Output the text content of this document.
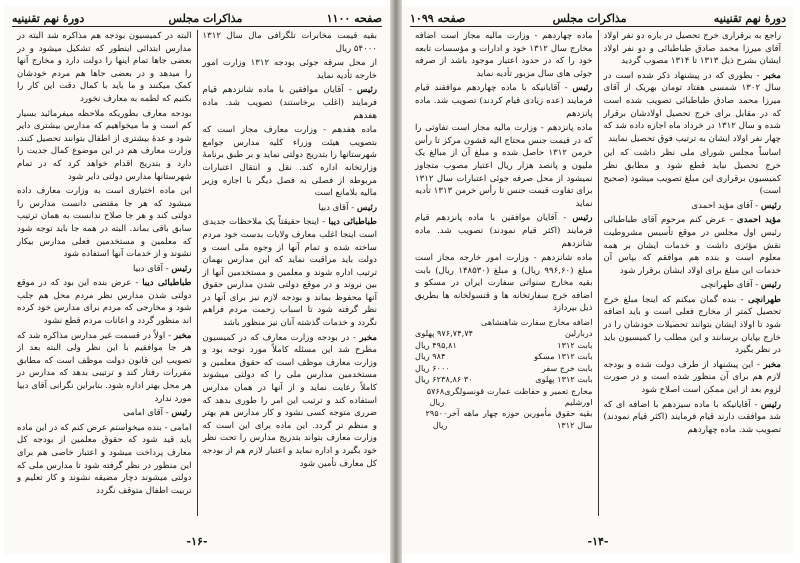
صفحه ۱۱۰۰
مذاکرات مجلس
دورهٔ نهم تقنینیه

بقیه قیمت مخابرات تلگرافی مال سال ۱۳۱۲ ۵۴۰۰۰ ریال

از محل سرقه جوئی بودجه ۱۳۱۲ وزارت امور خارجه تأدیه نماید

رئیس - آقایان موافقین با ماده شانزدهم قیام فرمایند (اغلب برخاستند) تصویب شد. ماده هفدهم

ماده هفدهم - وزارت معارف مجاز است که بتصویب هیئت وزراء کلیه مدارس جوامع شهرستانها را بتدریج دولتی نماید و بر طبق برنامهٔ وزارتخانه اداره کند. نقل و انتقال اعتبارات مربوطه از فصلی به فصل دیگر با اجازه وزیر مالیه بلامانع است

رئیس - آقای دبیا

طباطبائی دیبا - اینجا حقیقتاً یک ملاحظات جدیدی است اینجا اغلب معارف ولایات بدست خود مردم ساخته شده و تمام آنها از وجوه ملی است و دولت باید مراقبت نماید که این مدارس بهمان ترتیب اداره شوند و معلمین و مستخدمین آنها از بین نروند و در موقع دولتی شدن مدارس حقوق آنها محفوظ بماند و بودجه لازم نیز برای آنها در نظر گرفته شود تا اسباب زحمت مردم فراهم نگردد و خدمات گذشته آنان نیز منظور باشد

مخبر - در بودجه وزارت معارف که در کمیسیون مطرح شد این مسئله کاملاً مورد توجه بود و وزارت معارف موظف است که حقوق معلمین و مستخدمین مدارس ملی را که دولتی میشوند کاملاً رعایت نماید و از آنها در همان مدارس استفاده کند و ترتیب این امر را طوری بدهد که ضرری متوجه کسی نشود و کار مدارس هم بهتر و منظم تر گردد. این ماده برای این است که وزارت معارف بتواند بتدریج مدارس را تحت نظر خود بگیرد و اداره نماید و اعتبار لازم هم از بودجه کل معارف تأمین شود

البته در کمیسیون بودجه هم مذاکره شد البته در مدارس ابتدائی اینطور که تشکیل میشود و در بعضی جاها تمام اینها را دولت دارد و مخارج آنها را میدهد و در بعضی جاها هم مردم خودشان کمک میکنند و ما باید با کمال دقت این کار را بکنیم که لطمه به معارف نخورد

بودجه معارف بطوریکه ملاحظه میفرمائید بسیار کم است و ما میخواهیم که مدارس بیشتری دایر شود و عدهٔ بیشتری از اطفال بتوانند تحصیل کنند. وزارت معارف هم در این موضوع کمال جدیت را دارد و بتدریج اقدام خواهد کرد که در تمام شهرستانها مدارس دولتی دایر شود

این ماده اختیاری است به وزارت معارف داده میشود که هر جا مقتضی دانست مدارس را دولتی کند و هر جا صلاح ندانست به همان ترتیب سابق باقی بماند. البته در همه جا باید توجه شود که معلمین و مستخدمین فعلی مدارس بیکار نشوند و از خدمات آنها استفاده شود

رئیس - آقای دبیا

طباطبائی دیبا - عرض بنده این بود که در موقع دولتی شدن مدارس نظر مردم محل هم جلب شود و مخارجی که مردم برای مدارس خود کرده اند منظور گردد و اعانات مردم قطع نشود

مخبر - اولاً در قسمت غیر مدارس مذاکره شد که هر جا موافقیم با این نظر ولی البته بعد از تصویب این قانون دولت موظف است که مطابق مقررات رفتار کند و ترتیبی بدهد که مدارس در هر محل بهتر اداره شود. بنابراین نگرانی آقای دبیا مورد ندارد

رئیس - آقای امامی

امامی - بنده میخواستم عرض کنم که در این ماده باید قید شود که حقوق معلمین از بودجه کل معارف پرداخت میشود و اعتبار خاصی هم برای این منظور در نظر گرفته شود تا مدارس ملی که دولتی میشوند دچار مضیقه نشوند و کار تعلیم و تربیت اطفال متوقف نگردد

-۱۶-
دورهٔ نهم تقنینیه
مذاکرات مجلس
صفحه ۱۰۹۹

راجع به برقراری خرج تحصیل در باره دو نفر اولاد آقای میرزا محمد صادق طباطبائی و دو نفر اولاد ایشان بشرح ذیل ۱۳۱۳ تا ۱۳۱۴ مصوب گردید

مخبر - بطوری که در پیشنهاد ذکر شده است در سال ۱۳۰۲ شمسی هفتاد تومان بهریک از آقای میرزا محمد صادق طباطبائی تصویب شده است که در مقابل برای خرج تحصیل اولادشان برقرار شده و سال ۱۳۱۲ در خرداد ماه اجازه داده شد که چهار نفر اولاد ایشان به ترتیب فوق تحصیل نمایند

اساساً مجلس شورای ملی نظر داشت که این خرج تحصیل نباید قطع شود و مطابق نظر کمیسیون برقراری این مبلغ تصویب میشود (صحیح است)

رئیس - آقای مؤید احمدی

مؤید احمدی - عرض کنم مرحوم آقای طباطبائی رئیس اول مجلس در موقع تأسیس مشروطیت نقش مؤثری داشت و خدمات ایشان بر همه معلوم است و بنده هم موافقم که بپاس آن خدمات این مبلغ برای اولاد ایشان برقرار شود

رئیس - آقای طهرانچی

طهرانچی - بنده گمان میکنم که اینجا مبلغ خرج تحصیل کمتر از مخارج فعلی است و باید اضافه شود تا اولاد ایشان بتوانند تحصیلات خودشان را در خارج بپایان برسانند و این مطلب را کمیسیون باید در نظر بگیرد

مخبر - این پیشنهاد از طرف دولت شده و بودجه لازم هم برای آن منظور شده است و در صورت لزوم بعد از این ممکن است اصلاح شود

رئیس - آقایانیکه با ماده سیزدهم با اضافه ای که شد موافقت دارند قیام فرمایند (اکثر قیام نمودند) تصویب شد. ماده چهاردهم

ماده چهاردهم - وزارت مالیه مجاز است اضافه مخارج سال ۱۳۱۲ خود و ادارات و مؤسسات تابعه خود را که در حدود اعتبار موجود باشد از صرفه جوئی های سال مزبور تأدیه نماید

رئیس - آقایانیکه با ماده چهاردهم موافقند قیام فرمایند (عده زیادی قیام کردند) تصویب شد. ماده پانزدهم

ماده پانزدهم - وزارت مالیه مجاز است تفاوتی را که در قیمت جنس محتاج الیه قشون مرکز تا رأس خرمن ۱۳۱۲ حاصل شده و مبلغ آن از مبالغ یک ملیون و پانصد هزار ریال اعتبار مصوب متجاوز نمیشود از محل صرفه جوئی اعتبارات سال ۱۳۱۲ برای تفاوت قیمت جنس تا رأس خرمن ۱۳۱۳ تأدیه نماید

رئیس - آقایان موافقین با ماده پانزدهم قیام فرمایند (اکثر قیام نمودند) تصویب شد. ماده شانزدهم

ماده شانزدهم - وزارت امور خارجه مجاز است مبلغ (۹۹۶,۶۰ ریال) و مبلغ (۱۴۸۵۳۰ ریال) بابت بقیه مخارج سنواتی سفارت ایران در مسکو و اضافه خرج سفارتخانه ها و قنسولخانه ها بطریق ذیل بپردازد

اضافه مخارج سفارت شاهنشاهی
دربارلین
۹۷۶,۷۴,۷۴ پهلوی
بابت ۱۳۱۲
۴۹۵,۸۱ ریال
بابت ۱۳۱۲ مسکو
۹۸۴ ریال
بابت خرج سفر
۶۰۰۰ ریال
بابت ۱۳۱۲ پهلوی
۳۰ ۶۲۳۸,۸۶ ریال
مخارج تعمیر و حفاظت عمارت قونسولگری اورشلیم
۵۷۶۸ ریال
بقیه حقوق مأمورین حوزه چهار ماهه آخر سال ۱۳۱۲
۲۹۵۰۰ ریال
-۱۴-
